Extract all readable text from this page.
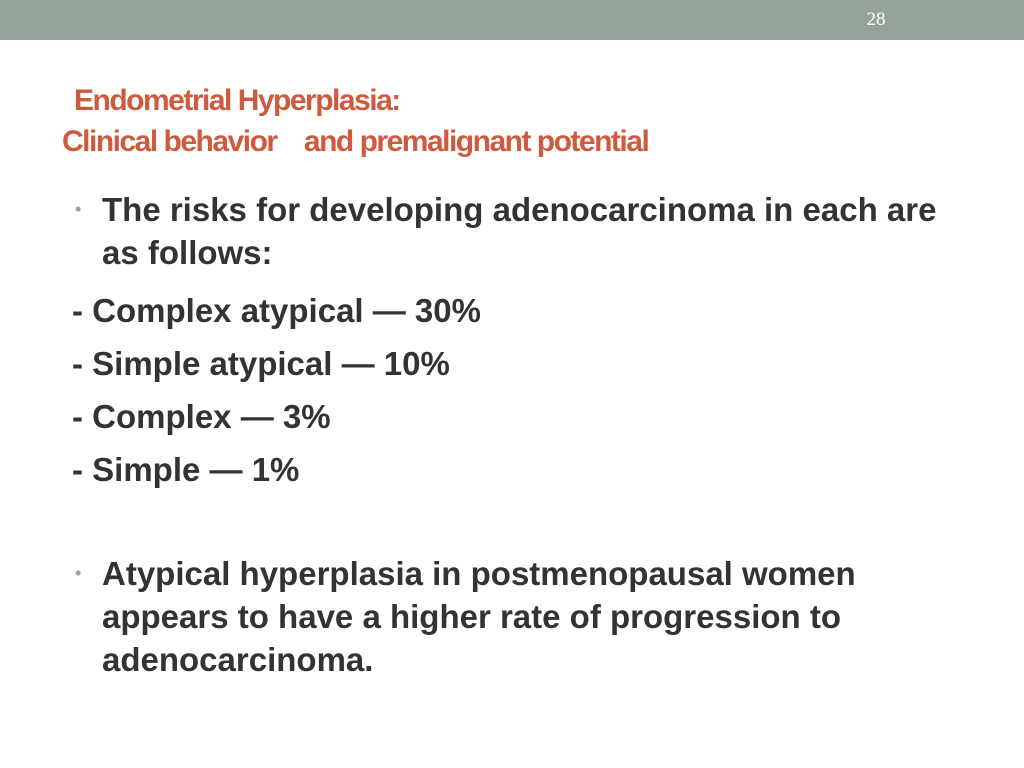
28
Endometrial Hyperplasia:
Clinical behavior    and premalignant potential

• The risks for developing adenocarcinoma in each are as follows:

- Complex atypical — 30%
- Simple atypical — 10%
- Complex — 3%
- Simple — 1%

• Atypical hyperplasia in postmenopausal women appears to have a higher rate of progression to adenocarcinoma.
